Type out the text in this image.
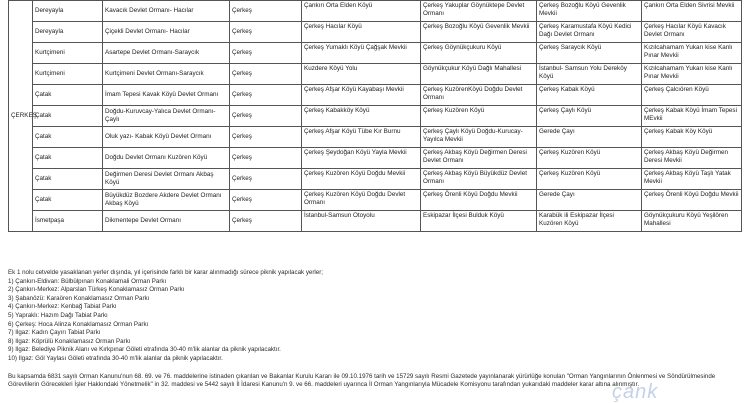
ÇERKEŞ	Dereyayla	Kavacık Devlet Ormanı- Hacılar	Çerkeş	Çankırı Orta Elden Köyü	Çerkeş Yakuplar Göynüktepe Devlet Ormanı	Çerkeş Bozoğlu Köyü Gevenlik Mevkii	Çankırı Orta Elden Sivrisi Mevkii
	Dereyayla	Çiçekli Devlet Ormanı- Hacılar	Çerkeş	Çerkeş Hacılar Köyü	Çerkeş Bozoğlu Köyü Gevenlik Mevkii	Çerkeş Karamustafa Köyü Kedici Dağı Devlet Ormanı	Çerkeş Hacılar Köyü Kavacık Devlet Ormanı
	Kurtçimeni	Asartepe Devlet Ormanı-Saraycık	Çerkeş	Çerkeş Yumaklı Köyü Çağşak Mevkii	Çerkeş Göynükçukuru Köyü	Çerkeş Saraycık Köyü	Kızılcahamam Yukarı kise Kanlı Pınar Mevkii
	Kurtçimeni	Kurtçimeni Devlet Ormanı-Saraycık	Çerkeş	Kuzdere Köyü Yolu	Göynükçukur Köyü Dağlı Mahallesi	İstanbul- Samsun Yolu Dereköy Köyü	Kızılcahamam Yukarı kise Kanlı Pınar Mevkii
	Çatak	İmam Tepesi Kavak Köyü Devlet Ormanı	Çerkeş	Çerkeş Afşar Köyü Kayabaşı Mevkii	Çerkeş KuzörenKöyü Doğdu Devlet Ormanı	Çerkeş Kabak Köyü	Çerkeş Çalcıören Köyü
	Çatak	Doğdu-Kuruvcay-Yalıca Devlet Ormanı-Çaylı	Çerkeş	Çerkeş Kabakköy Köyü	Çerkeş Kuzören Köyü	Çerkeş Çaylı Köyü	Çerkeş Kabak Köyü İmam Tepesi MEvkii
	Çatak	Oluk yazı- Kabak Köyü Devlet Ormanı	Çerkeş	Çerkeş Afşar Köyü Tübe Kır Burnu	Çerkeş Çaylı Köyü Doğdu-Kurucay-Yayılca Mevkii	Gerede Çayı	Çerkeş Kabak Köy Köyü
	Çatak	Doğdu Devlet Ormanı Kuzören Köyü	Çerkeş	Çerkeş Şeydoğan Köyü Yayla Mevkii	Çerkeş Akbaş Köyü Değirmen Deresi Devlet Ormanı	Çerkeş Kuzören Köyü	Çerkeş Akbaş Köyü Değirmen Deresi Mevkii
	Çatak	Değirmen Deresi Devlet Ormanı Akbaş Köyü	Çerkeş	Çerkeş Kuzören Köyü Doğdu Mevkii	Çerkeş Akbaş Köyü Büyükdüz Devlet Ormanı	Çerkeş Kuzören Köyü	Çerkeş Akbaş Köyü Taşlı Yatak Mevkii
	Çatak	Büyükdüz Bozdere Akdere Devlet Ormanı Akbaş Köyü	Çerkeş	Çerkeş Kuzören Köyü Doğdu Devlet Ormanı	Çerkeş Örenli Köyü Doğdu Mevkii	Gerede Çayı	Çerkeş Örenli Köyü Doğdu Mevkii
	İsmetpaşa	Dikmentepe Devlet Ormanı	Çerkeş	İstanbul-Samsun Otoyolu	Eskipazar İlçesi Bulduk Köyü	Karabük ili Eskipazar İlçesi Kuzören Köyü	Göynükçukuru Köyü Yeşilören Mahallesi
Ek 1 nolu cetvelde yasaklanan yerler dışında, yıl içerisinde farklı bir karar alınmadığı sürece piknik yapılacak yerler;
1) Çankırı-Eldivan: Bülbülpınarı Konaklamali Orman Parkı
2) Çankırı-Merkez: Alparslan Türkeş Konaklamasız Orman Parkı
3) Şabanözü: Karaören Konaklamasız Orman Parkı
4) Çankırı-Merkez: Kenbağ Tabiat Parkı
5) Yapraklı: Hazım Dağı Tabiat Parkı
6) Çerkeş: Hoca Alinza Konaklamasız Orman Parkı
7) Ilgaz: Kadın Çayırı Tabiat Parkı
8) Ilgaz: Köprülü Konaklamasız Orman Parkı
9) Ilgaz: Belediye Piknik Alanı ve Kırkpınar Göleti etrafında 30-40 m'lik alanlar da piknik yapılacaktır.
10) Ilgaz: Göl Yaylası Göleti etrafında 30-40 m'lik alanlar da piknik yapılacaktır.
Bu kapsamda 6831 sayılı Orman Kanunu'nun 68. 69. ve 76. maddelerine istinaden çıkarılan ve Bakanlar Kurulu Kararı ile 09.10.1976 tarih ve 15729 sayılı Resmi Gazetede yayınlanarak yürürlüğe konulan "Orman Yangınlarının Önlenmesi ve Söndürülmesinde
Görevlilerin Görecekleri İşler Hakkındaki Yönetmelik" in 32. maddesi ve 5442 sayılı İl İdaresi Kanunu'n 9. ve 66. maddeleri uyarınca İl Orman Yangınlarıyla Mücadele Komisyonu tarafından yukarıdaki maddeler karar altına alınmıştır.
çank
